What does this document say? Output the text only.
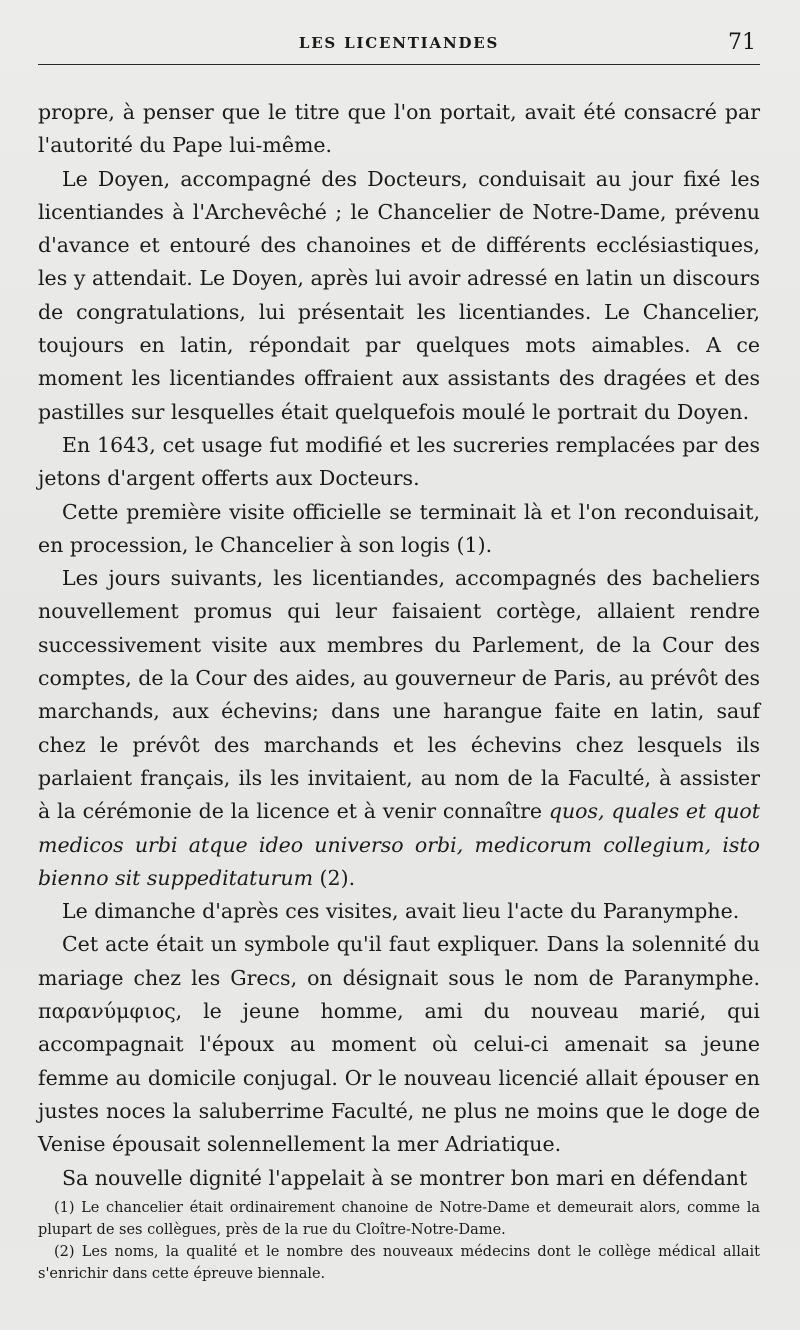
LES LICENTIANDES	71

propre, à penser que le titre que l'on portait, avait été consacré par l'autorité du Pape lui-même.

Le Doyen, accompagné des Docteurs, conduisait au jour fixé les licentiandes à l'Archevêché ; le Chancelier de Notre-Dame, prévenu d'avance et entouré des chanoines et de différents ecclésiastiques, les y attendait. Le Doyen, après lui avoir adressé en latin un discours de congratulations, lui présentait les licentiandes. Le Chancelier, toujours en latin, répondait par quelques mots aimables. A ce moment les licentiandes offraient aux assistants des dragées et des pastilles sur lesquelles était quelquefois moulé le portrait du Doyen.

En 1643, cet usage fut modifié et les sucreries remplacées par des jetons d'argent offerts aux Docteurs.

Cette première visite officielle se terminait là et l'on reconduisait, en procession, le Chancelier à son logis (1).

Les jours suivants, les licentiandes, accompagnés des bacheliers nouvellement promus qui leur faisaient cortège, allaient rendre successivement visite aux membres du Parlement, de la Cour des comptes, de la Cour des aides, au gouverneur de Paris, au prévôt des marchands, aux échevins; dans une harangue faite en latin, sauf chez le prévôt des marchands et les échevins chez lesquels ils parlaient français, ils les invitaient, au nom de la Faculté, à assister à la cérémonie de la licence et à venir connaître quos, quales et quot medicos urbi atque ideo universo orbi, medicorum collegium, isto bienno sit suppeditaturum (2).

Le dimanche d'après ces visites, avait lieu l'acte du Paranymphe.

Cet acte était un symbole qu'il faut expliquer. Dans la solennité du mariage chez les Grecs, on désignait sous le nom de Paranymphe. παρανύμφιος, le jeune homme, ami du nouveau marié, qui accompagnait l'époux au moment où celui-ci amenait sa jeune femme au domicile conjugal. Or le nouveau licencié allait épouser en justes noces la saluberrime Faculté, ne plus ne moins que le doge de Venise épousait solennellement la mer Adriatique.

Sa nouvelle dignité l'appelait à se montrer bon mari en défendant

(1) Le chancelier était ordinairement chanoine de Notre-Dame et demeurait alors, comme la plupart de ses collègues, près de la rue du Cloître-Notre-Dame.

(2) Les noms, la qualité et le nombre des nouveaux médecins dont le collège médical allait s'enrichir dans cette épreuve biennale.
